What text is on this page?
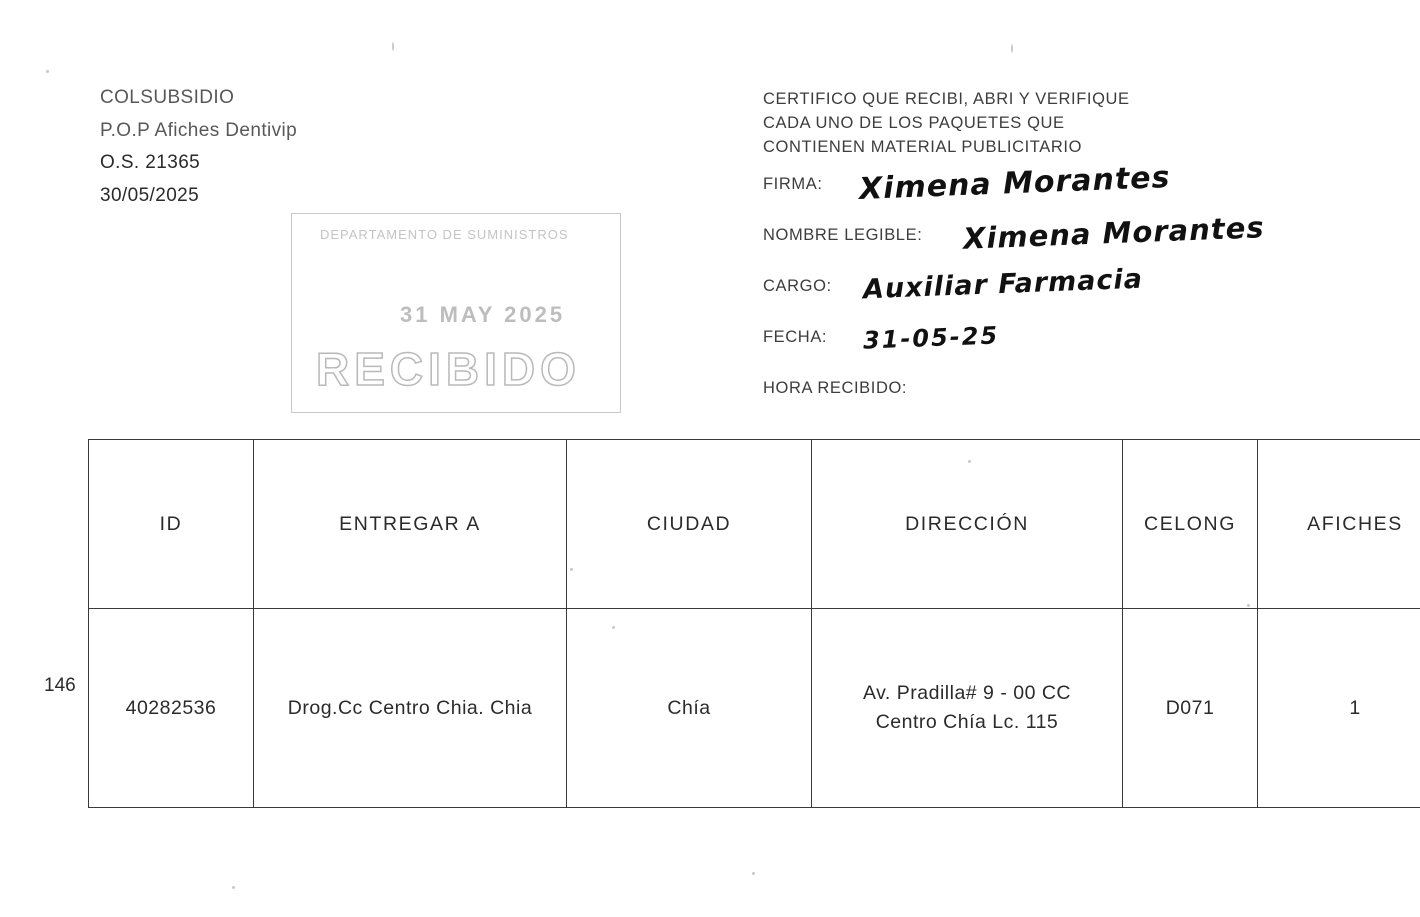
COLSUBSIDIO
P.O.P Afiches Dentivip
O.S. 21365
30/05/2025
DEPARTAMENTO DE SUMINISTROS
31 MAY 2025
RECIBIDO
CERTIFICO QUE RECIBI, ABRI Y VERIFIQUE
CADA UNO DE LOS PAQUETES QUE
CONTIENEN MATERIAL PUBLICITARIO
FIRMA: Ximena Morantes
NOMBRE LEGIBLE: Ximena Morantes
CARGO: Auxiliar Farmacia
FECHA: 31-05-25
HORA RECIBIDO:
146
ID	ENTREGAR A	CIUDAD	DIRECCIÓN	CELONG	AFICHES
40282536	Drog.Cc Centro Chia. Chia	Chía	Av. Pradilla# 9 - 00 CC
Centro Chía Lc. 115	D071	1
